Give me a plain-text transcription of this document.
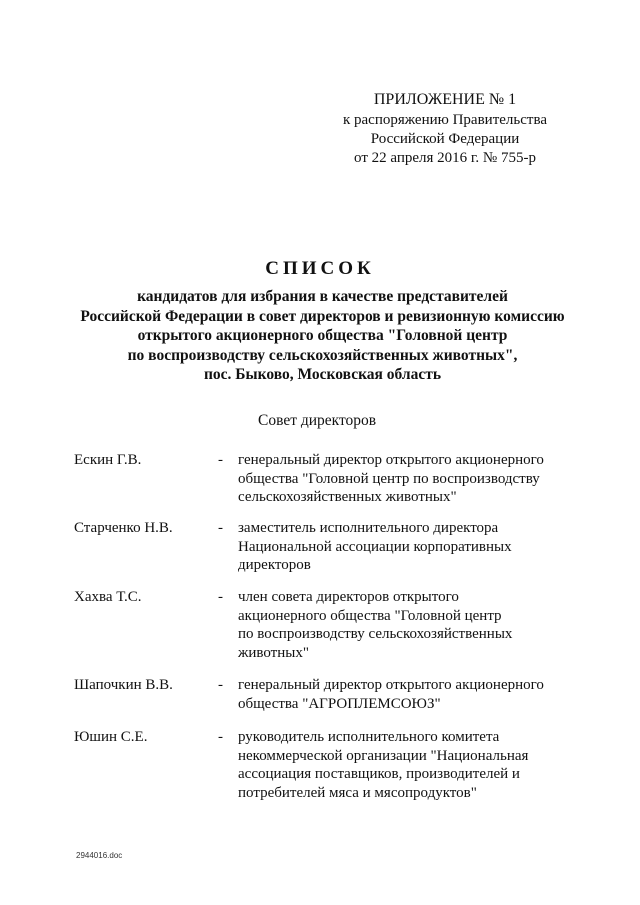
ПРИЛОЖЕНИЕ № 1
к распоряжению Правительства
Российской Федерации
от 22 апреля 2016 г. № 755-р
СПИСОК
кандидатов для избрания в качестве представителей
Российской Федерации в совет директоров и ревизионную комиссию
открытого акционерного общества "Головной центр
по воспроизводству сельскохозяйственных животных",
пос. Быково, Московская область
Совет директоров
Ескин Г.В.	- генеральный директор открытого акционерного
общества "Головной центр по воспроизводству
сельскохозяйственных животных"
Старченко Н.В.	- заместитель исполнительного директора
Национальной ассоциации корпоративных
директоров
Хахва Т.С.	- член совета директоров открытого
акционерного общества "Головной центр
по воспроизводству сельскохозяйственных
животных"
Шапочкин В.В.	- генеральный директор открытого акционерного
общества "АГРОПЛЕМСОЮЗ"
Юшин С.Е.	- руководитель исполнительного комитета
некоммерческой организации "Национальная
ассоциация поставщиков, производителей и
потребителей мяса и мясопродуктов"
2944016.doc
